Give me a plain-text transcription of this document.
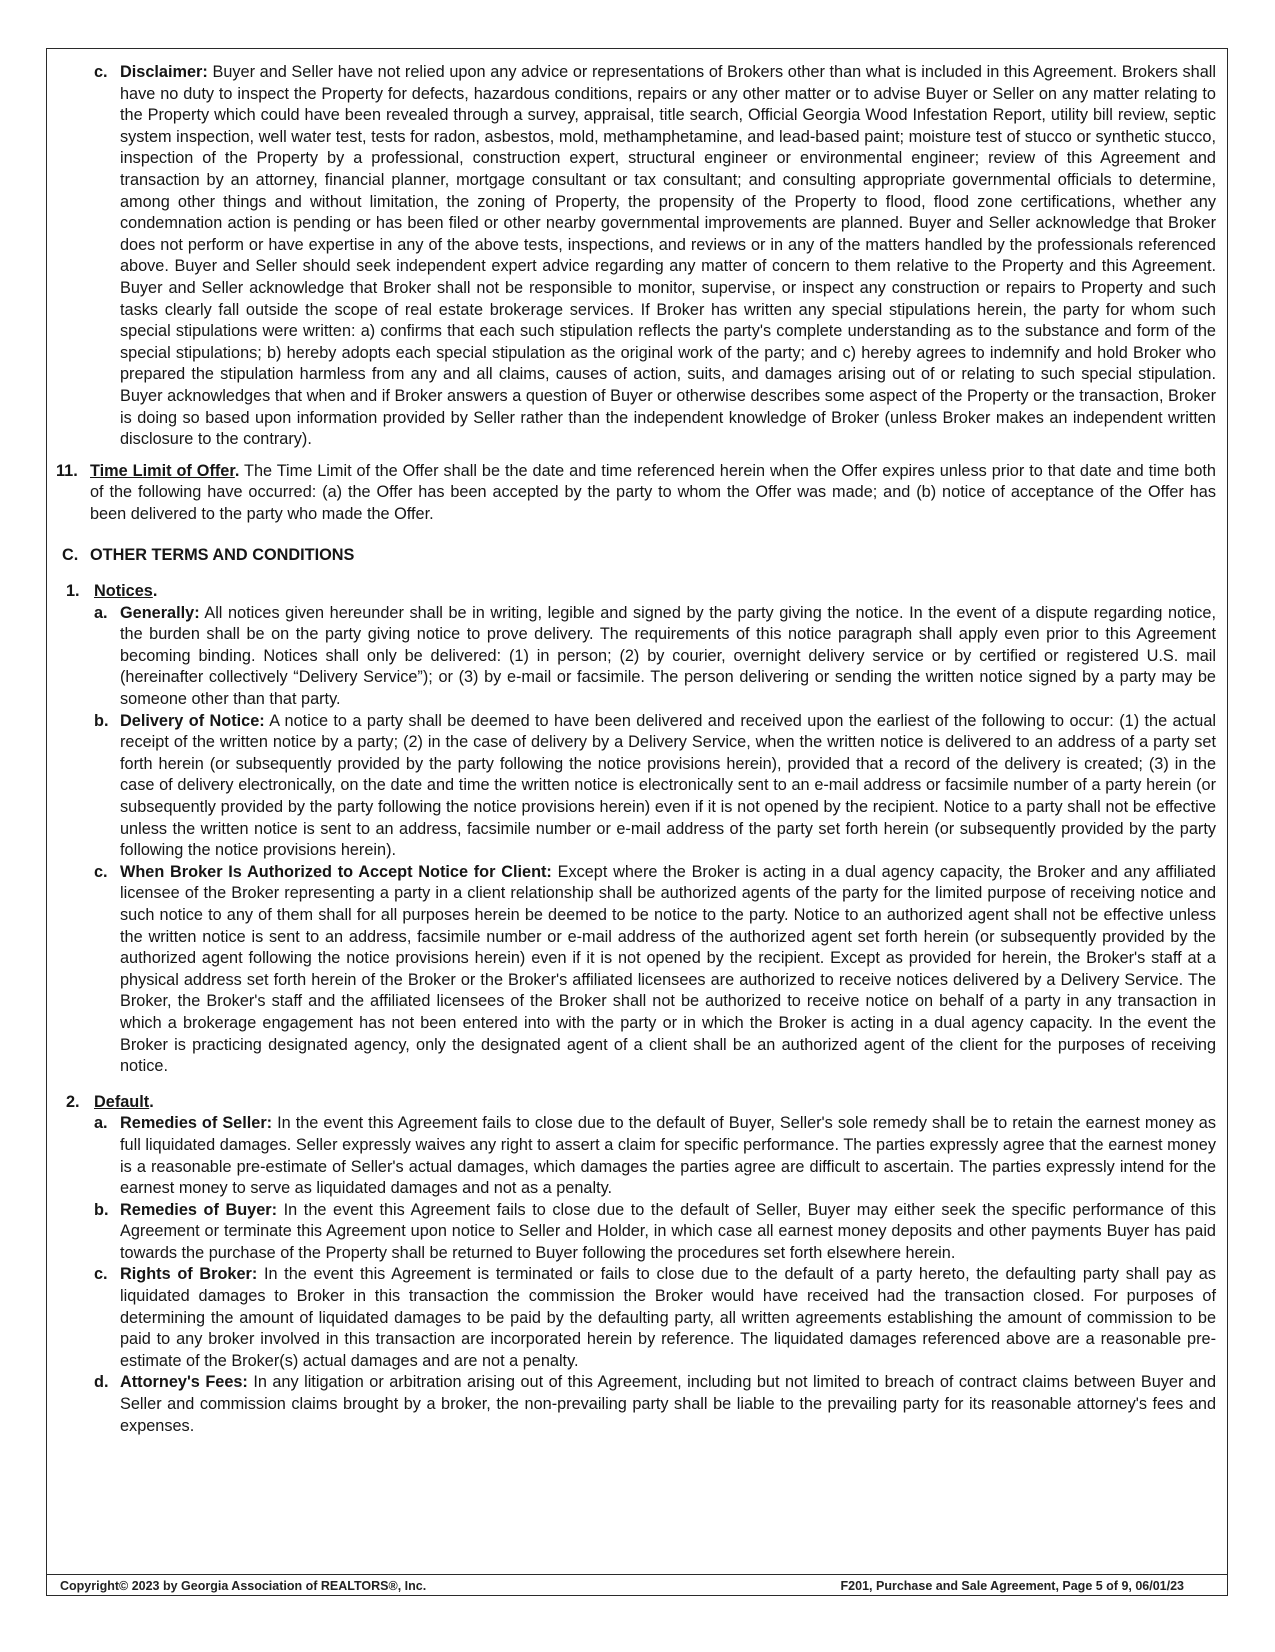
c. Disclaimer: Buyer and Seller have not relied upon any advice or representations of Brokers other than what is included in this Agreement. Brokers shall have no duty to inspect the Property for defects, hazardous conditions, repairs or any other matter or to advise Buyer or Seller on any matter relating to the Property which could have been revealed through a survey, appraisal, title search, Official Georgia Wood Infestation Report, utility bill review, septic system inspection, well water test, tests for radon, asbestos, mold, methamphetamine, and lead-based paint; moisture test of stucco or synthetic stucco, inspection of the Property by a professional, construction expert, structural engineer or environmental engineer; review of this Agreement and transaction by an attorney, financial planner, mortgage consultant or tax consultant; and consulting appropriate governmental officials to determine, among other things and without limitation, the zoning of Property, the propensity of the Property to flood, flood zone certifications, whether any condemnation action is pending or has been filed or other nearby governmental improvements are planned. Buyer and Seller acknowledge that Broker does not perform or have expertise in any of the above tests, inspections, and reviews or in any of the matters handled by the professionals referenced above. Buyer and Seller should seek independent expert advice regarding any matter of concern to them relative to the Property and this Agreement. Buyer and Seller acknowledge that Broker shall not be responsible to monitor, supervise, or inspect any construction or repairs to Property and such tasks clearly fall outside the scope of real estate brokerage services. If Broker has written any special stipulations herein, the party for whom such special stipulations were written: a) confirms that each such stipulation reflects the party's complete understanding as to the substance and form of the special stipulations; b) hereby adopts each special stipulation as the original work of the party; and c) hereby agrees to indemnify and hold Broker who prepared the stipulation harmless from any and all claims, causes of action, suits, and damages arising out of or relating to such special stipulation. Buyer acknowledges that when and if Broker answers a question of Buyer or otherwise describes some aspect of the Property or the transaction, Broker is doing so based upon information provided by Seller rather than the independent knowledge of Broker (unless Broker makes an independent written disclosure to the contrary).
11. Time Limit of Offer. The Time Limit of the Offer shall be the date and time referenced herein when the Offer expires unless prior to that date and time both of the following have occurred: (a) the Offer has been accepted by the party to whom the Offer was made; and (b) notice of acceptance of the Offer has been delivered to the party who made the Offer.
C. OTHER TERMS AND CONDITIONS
1. Notices.
a. Generally: All notices given hereunder shall be in writing, legible and signed by the party giving the notice. In the event of a dispute regarding notice, the burden shall be on the party giving notice to prove delivery. The requirements of this notice paragraph shall apply even prior to this Agreement becoming binding. Notices shall only be delivered: (1) in person; (2) by courier, overnight delivery service or by certified or registered U.S. mail (hereinafter collectively “Delivery Service”); or (3) by e-mail or facsimile. The person delivering or sending the written notice signed by a party may be someone other than that party.
b. Delivery of Notice: A notice to a party shall be deemed to have been delivered and received upon the earliest of the following to occur: (1) the actual receipt of the written notice by a party; (2) in the case of delivery by a Delivery Service, when the written notice is delivered to an address of a party set forth herein (or subsequently provided by the party following the notice provisions herein), provided that a record of the delivery is created; (3) in the case of delivery electronically, on the date and time the written notice is electronically sent to an e-mail address or facsimile number of a party herein (or subsequently provided by the party following the notice provisions herein) even if it is not opened by the recipient. Notice to a party shall not be effective unless the written notice is sent to an address, facsimile number or e-mail address of the party set forth herein (or subsequently provided by the party following the notice provisions herein).
c. When Broker Is Authorized to Accept Notice for Client: Except where the Broker is acting in a dual agency capacity, the Broker and any affiliated licensee of the Broker representing a party in a client relationship shall be authorized agents of the party for the limited purpose of receiving notice and such notice to any of them shall for all purposes herein be deemed to be notice to the party. Notice to an authorized agent shall not be effective unless the written notice is sent to an address, facsimile number or e-mail address of the authorized agent set forth herein (or subsequently provided by the authorized agent following the notice provisions herein) even if it is not opened by the recipient. Except as provided for herein, the Broker's staff at a physical address set forth herein of the Broker or the Broker's affiliated licensees are authorized to receive notices delivered by a Delivery Service. The Broker, the Broker's staff and the affiliated licensees of the Broker shall not be authorized to receive notice on behalf of a party in any transaction in which a brokerage engagement has not been entered into with the party or in which the Broker is acting in a dual agency capacity. In the event the Broker is practicing designated agency, only the designated agent of a client shall be an authorized agent of the client for the purposes of receiving notice.
2. Default.
a. Remedies of Seller: In the event this Agreement fails to close due to the default of Buyer, Seller's sole remedy shall be to retain the earnest money as full liquidated damages. Seller expressly waives any right to assert a claim for specific performance. The parties expressly agree that the earnest money is a reasonable pre-estimate of Seller's actual damages, which damages the parties agree are difficult to ascertain. The parties expressly intend for the earnest money to serve as liquidated damages and not as a penalty.
b. Remedies of Buyer: In the event this Agreement fails to close due to the default of Seller, Buyer may either seek the specific performance of this Agreement or terminate this Agreement upon notice to Seller and Holder, in which case all earnest money deposits and other payments Buyer has paid towards the purchase of the Property shall be returned to Buyer following the procedures set forth elsewhere herein.
c. Rights of Broker: In the event this Agreement is terminated or fails to close due to the default of a party hereto, the defaulting party shall pay as liquidated damages to Broker in this transaction the commission the Broker would have received had the transaction closed. For purposes of determining the amount of liquidated damages to be paid by the defaulting party, all written agreements establishing the amount of commission to be paid to any broker involved in this transaction are incorporated herein by reference. The liquidated damages referenced above are a reasonable pre-estimate of the Broker(s) actual damages and are not a penalty.
d. Attorney's Fees: In any litigation or arbitration arising out of this Agreement, including but not limited to breach of contract claims between Buyer and Seller and commission claims brought by a broker, the non-prevailing party shall be liable to the prevailing party for its reasonable attorney's fees and expenses.
Copyright© 2023 by Georgia Association of REALTORS®, Inc.	F201, Purchase and Sale Agreement, Page 5 of 9, 06/01/23
